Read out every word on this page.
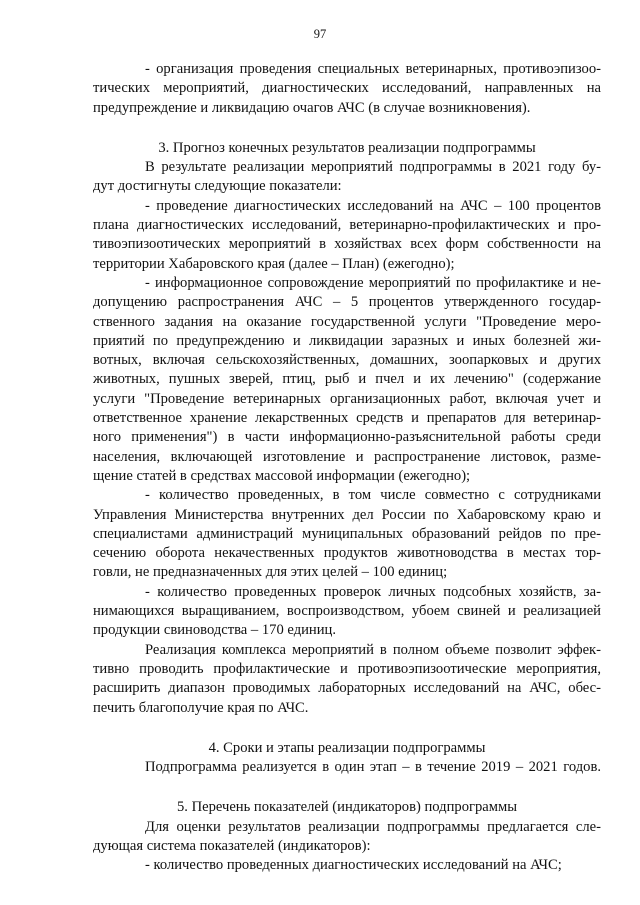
97
- организация проведения специальных ветеринарных, противоэпизоо-
тических мероприятий, диагностических исследований, направленных на
предупреждение и ликвидацию очагов АЧС (в случае возникновения).
3. Прогноз конечных результатов реализации подпрограммы
В результате реализации мероприятий подпрограммы в 2021 году бу-
дут достигнуты следующие показатели:
- проведение диагностических исследований на АЧС – 100 процентов
плана диагностических исследований, ветеринарно-профилактических и про-
тивоэпизоотических мероприятий в хозяйствах всех форм собственности на
территории Хабаровского края (далее – План) (ежегодно);
- информационное сопровождение мероприятий по профилактике и не-
допущению распространения АЧС – 5 процентов утвержденного государ-
ственного задания на оказание государственной услуги "Проведение меро-
приятий по предупреждению и ликвидации заразных и иных болезней жи-
вотных, включая сельскохозяйственных, домашних, зоопарковых и других
животных, пушных зверей, птиц, рыб и пчел и их лечению" (содержание
услуги "Проведение ветеринарных организационных работ, включая учет и
ответственное хранение лекарственных средств и препаратов для ветеринар-
ного применения") в части информационно-разъяснительной работы среди
населения, включающей изготовление и распространение листовок, разме-
щение статей в средствах массовой информации (ежегодно);
- количество проведенных, в том числе совместно с сотрудниками
Управления Министерства внутренних дел России по Хабаровскому краю и
специалистами администраций муниципальных образований рейдов по пре-
сечению оборота некачественных продуктов животноводства в местах тор-
говли, не предназначенных для этих целей – 100 единиц;
- количество проведенных проверок личных подсобных хозяйств, за-
нимающихся выращиванием, воспроизводством, убоем свиней и реализацией
продукции свиноводства – 170 единиц.
Реализация комплекса мероприятий в полном объеме позволит эффек-
тивно проводить профилактические и противоэпизоотические мероприятия,
расширить диапазон проводимых лабораторных исследований на АЧС, обес-
печить благополучие края по АЧС.
4. Сроки и этапы реализации подпрограммы
Подпрограмма реализуется в один этап – в течение 2019 – 2021 годов.
5. Перечень показателей (индикаторов) подпрограммы
Для оценки результатов реализации подпрограммы предлагается сле-
дующая система показателей (индикаторов):
- количество проведенных диагностических исследований на АЧС;
